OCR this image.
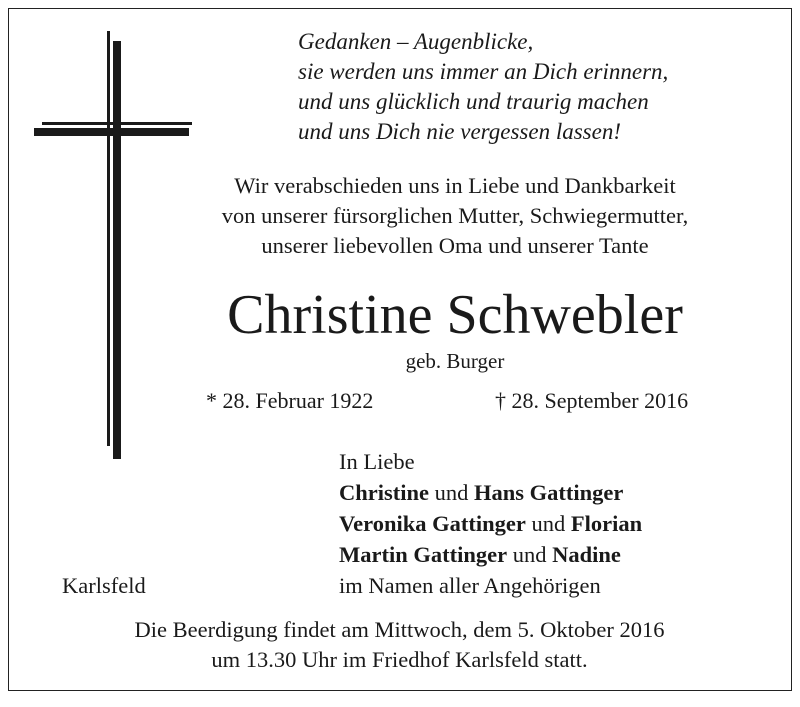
Gedanken – Augenblicke,
sie werden uns immer an Dich erinnern,
und uns glücklich und traurig machen
und uns Dich nie vergessen lassen!
Wir verabschieden uns in Liebe und Dankbarkeit
von unserer fürsorglichen Mutter, Schwiegermutter,
unserer liebevollen Oma und unserer Tante
Christine Schwebler
geb. Burger
* 28. Februar 1922	† 28. September 2016
In Liebe
Christine und Hans Gattinger
Veronika Gattinger und Florian
Martin Gattinger und Nadine
im Namen aller Angehörigen
Karlsfeld
Die Beerdigung findet am Mittwoch, dem 5. Oktober 2016
um 13.30 Uhr im Friedhof Karlsfeld statt.
